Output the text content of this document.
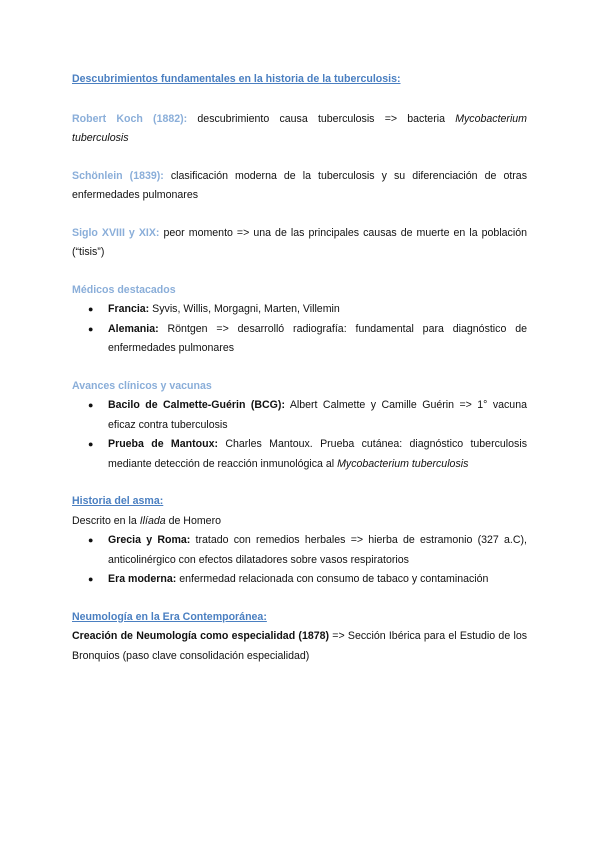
Descubrimientos fundamentales en la historia de la tuberculosis:

Robert Koch (1882): descubrimiento causa tuberculosis => bacteria Mycobacterium tuberculosis

Schönlein (1839): clasificación moderna de la tuberculosis y su diferenciación de otras enfermedades pulmonares

Siglo XVIII y XIX: peor momento => una de las principales causas de muerte en la población (“tisis”)

Médicos destacados

● Francia: Syvis, Willis, Morgagni, Marten, Villemin
● Alemania: Röntgen => desarrolló radiografía: fundamental para diagnóstico de enfermedades pulmonares

Avances clínicos y vacunas

● Bacilo de Calmette-Guérin (BCG): Albert Calmette y Camille Guérin => 1° vacuna eficaz contra tuberculosis
● Prueba de Mantoux: Charles Mantoux. Prueba cutánea: diagnóstico tuberculosis mediante detección de reacción inmunológica al Mycobacterium tuberculosis

Historia del asma:

Descrito en la Ilíada de Homero

● Grecia y Roma: tratado con remedios herbales => hierba de estramonio (327 a.C), anticolinérgico con efectos dilatadores sobre vasos respiratorios
● Era moderna: enfermedad relacionada con consumo de tabaco y contaminación

Neumología en la Era Contemporánea:

Creación de Neumología como especialidad (1878) => Sección Ibérica para el Estudio de los Bronquios (paso clave consolidación especialidad)
